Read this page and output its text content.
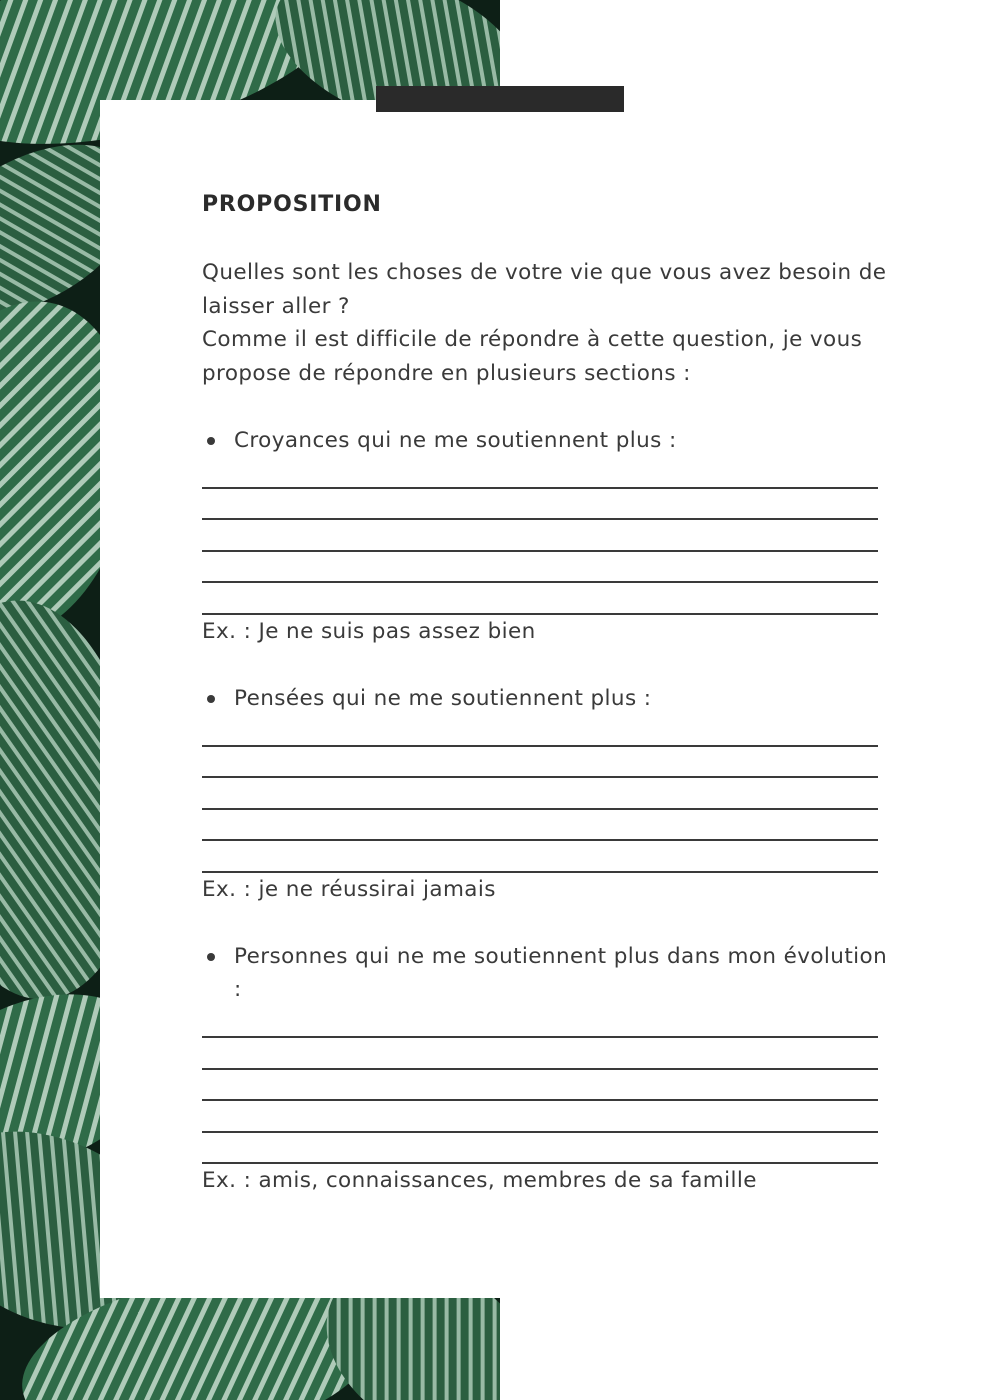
PROPOSITION

Quelles sont les choses de votre vie que vous avez besoin de laisser aller ?

Comme il est difficile de répondre à cette question, je vous propose de répondre en plusieurs sections :

Croyances qui ne me soutiennent plus :
Ex. : Je ne suis pas assez bien
Pensées qui ne me soutiennent plus :
Ex. : je ne réussirai jamais
Personnes qui ne me soutiennent plus dans mon évolution :
Ex. : amis, connaissances, membres de sa famille
